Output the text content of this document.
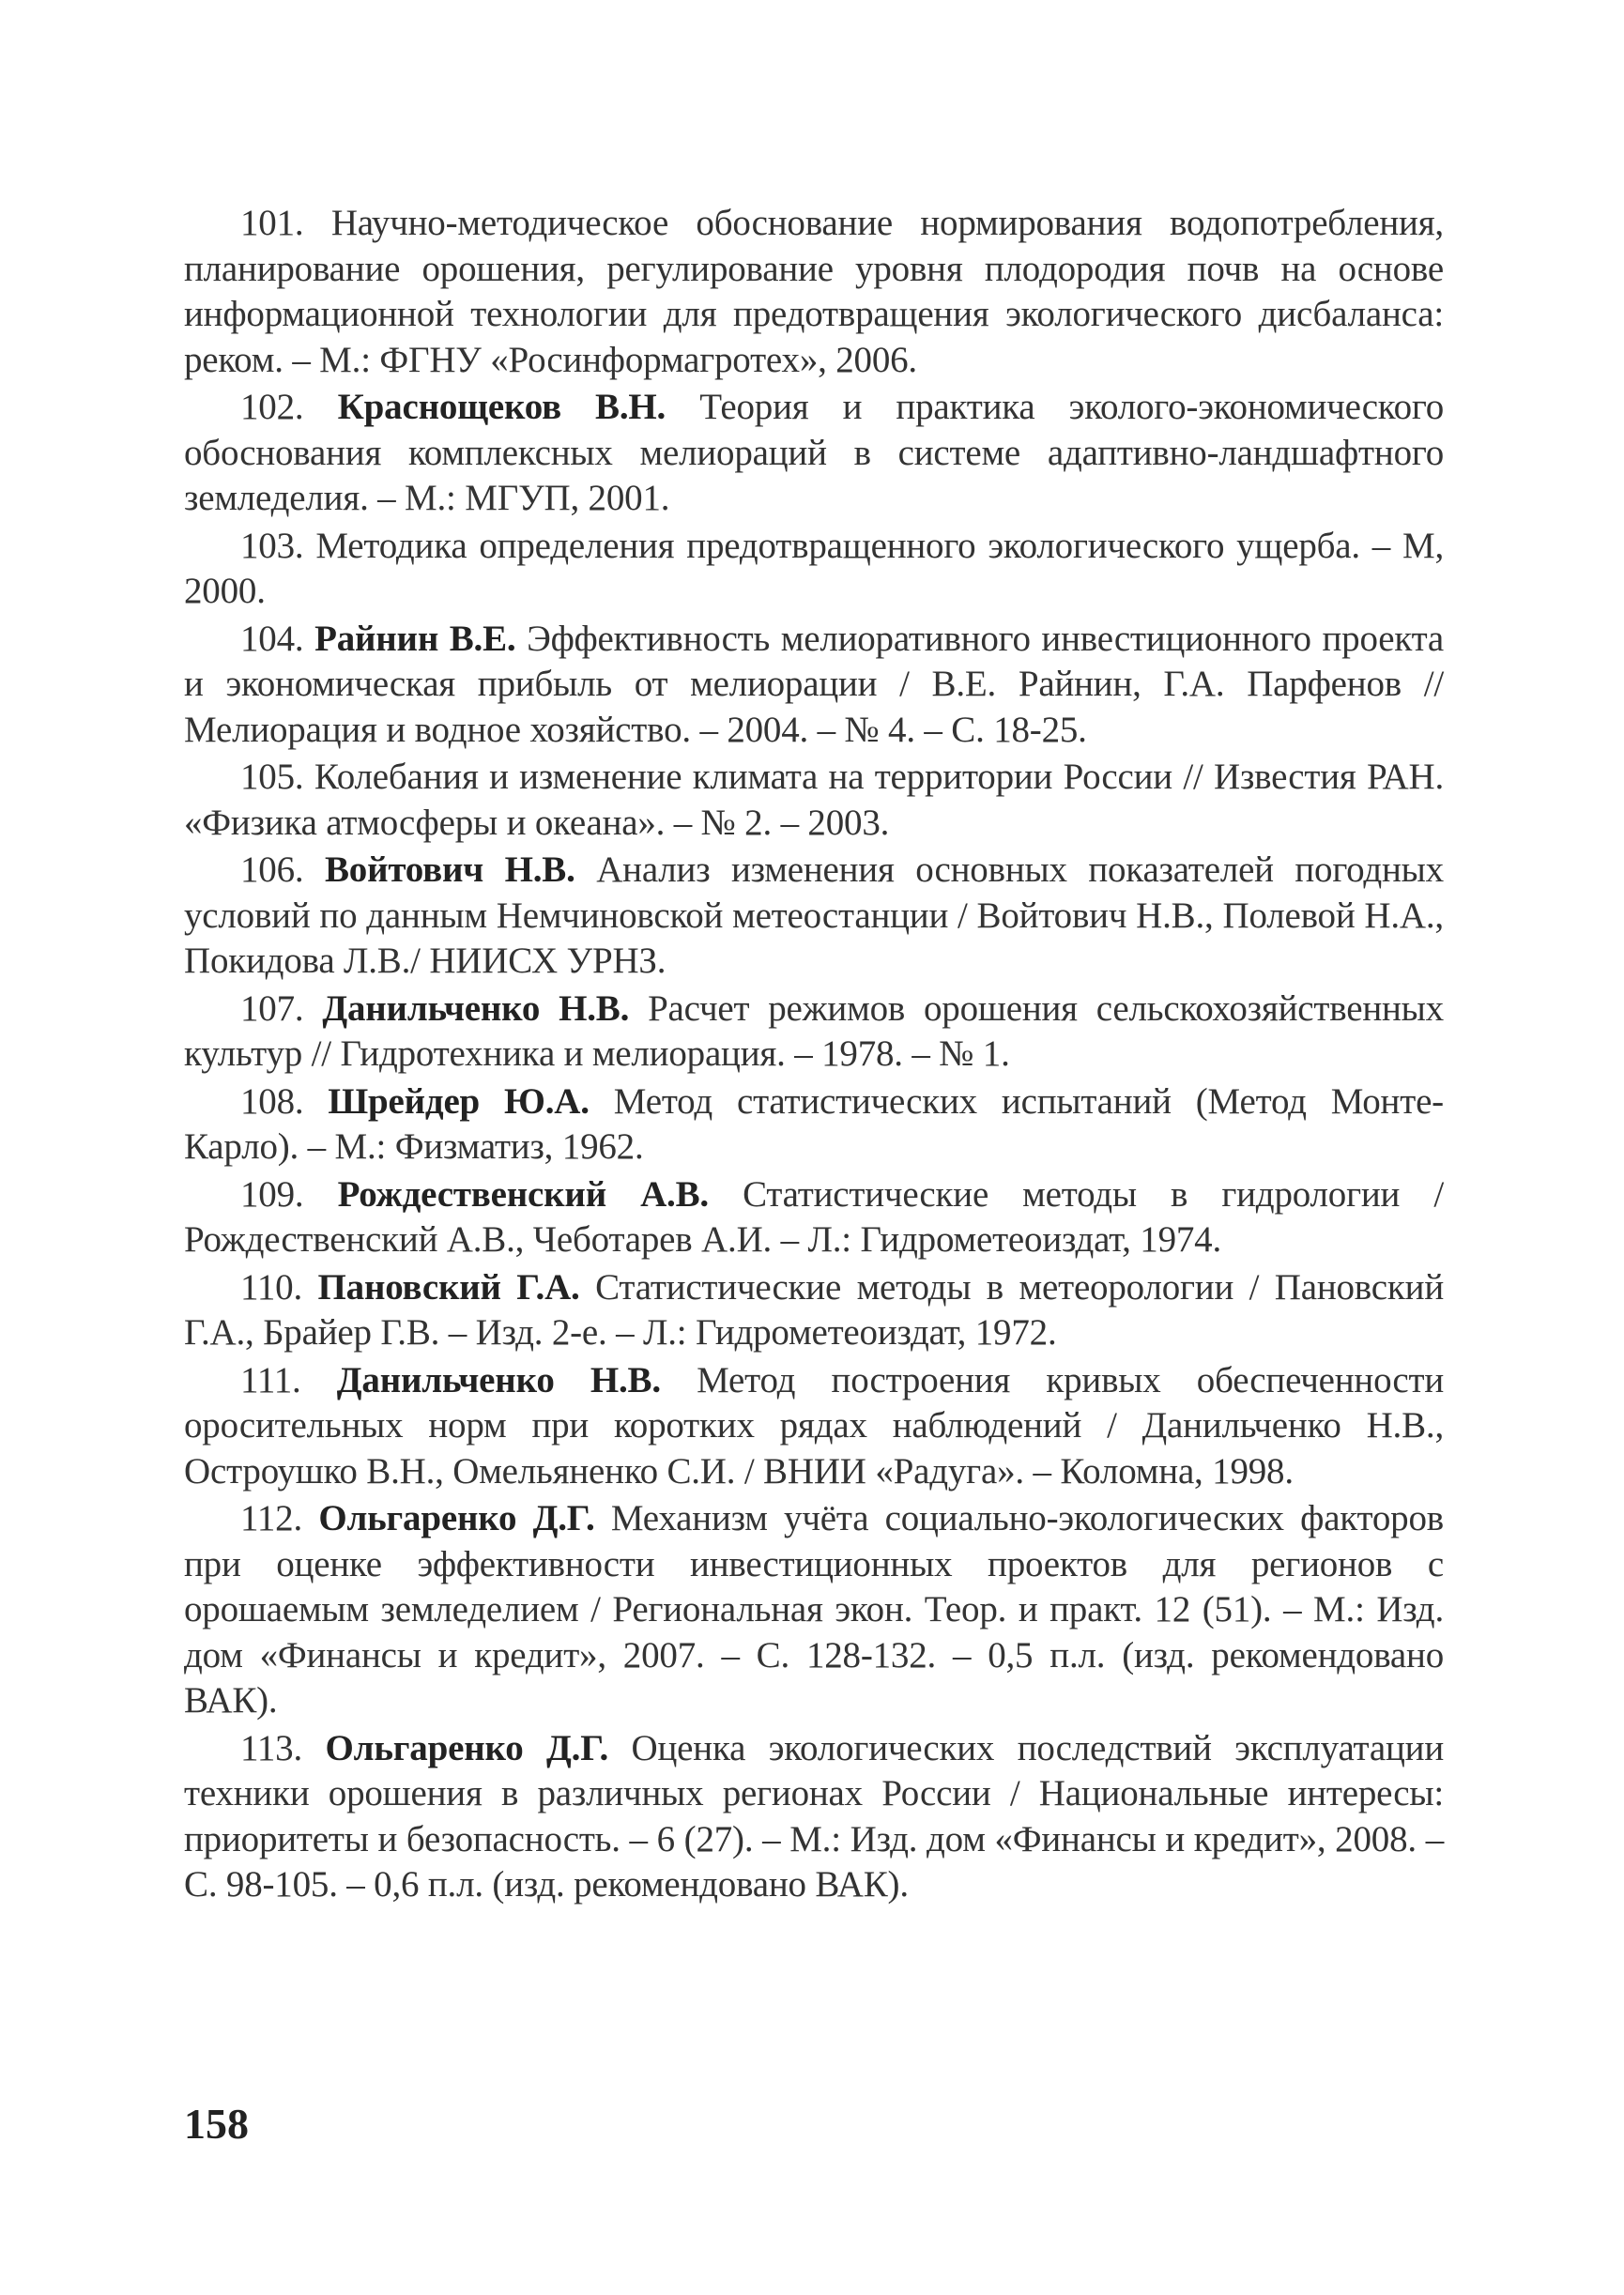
101. Научно-методическое обоснование нормирования водопотребления, планирование орошения, регулирование уровня плодородия почв на основе информационной технологии для предотвращения экологического дисбаланса: реком. – М.: ФГНУ «Росинформагротех», 2006.

102. Краснощеков В.Н. Теория и практика эколого-экономического обоснования комплексных мелиораций в системе адаптивно-ландшафтного земледелия. – М.: МГУП, 2001.

103. Методика определения предотвращенного экологического ущерба. – М, 2000.

104. Райнин В.Е. Эффективность мелиоративного инвестиционного проекта и экономическая прибыль от мелиорации / В.Е. Райнин, Г.А. Парфенов // Мелиорация и водное хозяйство. – 2004. – № 4. – С. 18-25.

105. Колебания и изменение климата на территории России // Известия РАН. «Физика атмосферы и океана». – № 2. – 2003.

106. Войтович Н.В. Анализ изменения основных показателей погодных условий по данным Немчиновской метеостанции / Войтович Н.В., Полевой Н.А., Покидова Л.В./ НИИСХ УРНЗ.

107. Данильченко Н.В. Расчет режимов орошения сельскохозяйственных культур // Гидротехника и мелиорация. – 1978. – № 1.

108. Шрейдер Ю.А. Метод статистических испытаний (Метод Монте-Карло). – М.: Физматиз, 1962.

109. Рождественский А.В. Статистические методы в гидрологии / Рождественский А.В., Чеботарев А.И. – Л.: Гидрометеоиздат, 1974.

110. Пановский Г.А. Статистические методы в метеорологии / Пановский Г.А., Брайер Г.В. – Изд. 2-е. – Л.: Гидрометеоиздат, 1972.

111. Данильченко Н.В. Метод построения кривых обеспеченности оросительных норм при коротких рядах наблюдений / Данильченко Н.В., Остроушко В.Н., Омельяненко С.И. / ВНИИ «Радуга». – Коломна, 1998.

112. Ольгаренко Д.Г. Механизм учёта социально-экологических факторов при оценке эффективности инвестиционных проектов для регионов с орошаемым земледелием / Региональная экон. Теор. и практ. 12 (51). – М.: Изд. дом «Финансы и кредит», 2007. – С. 128-132. – 0,5 п.л. (изд. рекомендовано ВАК).

113. Ольгаренко Д.Г. Оценка экологических последствий эксплуатации техники орошения в различных регионах России / Национальные интересы: приоритеты и безопасность. – 6 (27). – М.: Изд. дом «Финансы и кредит», 2008. – С. 98-105. – 0,6 п.л. (изд. рекомендовано ВАК).

158
